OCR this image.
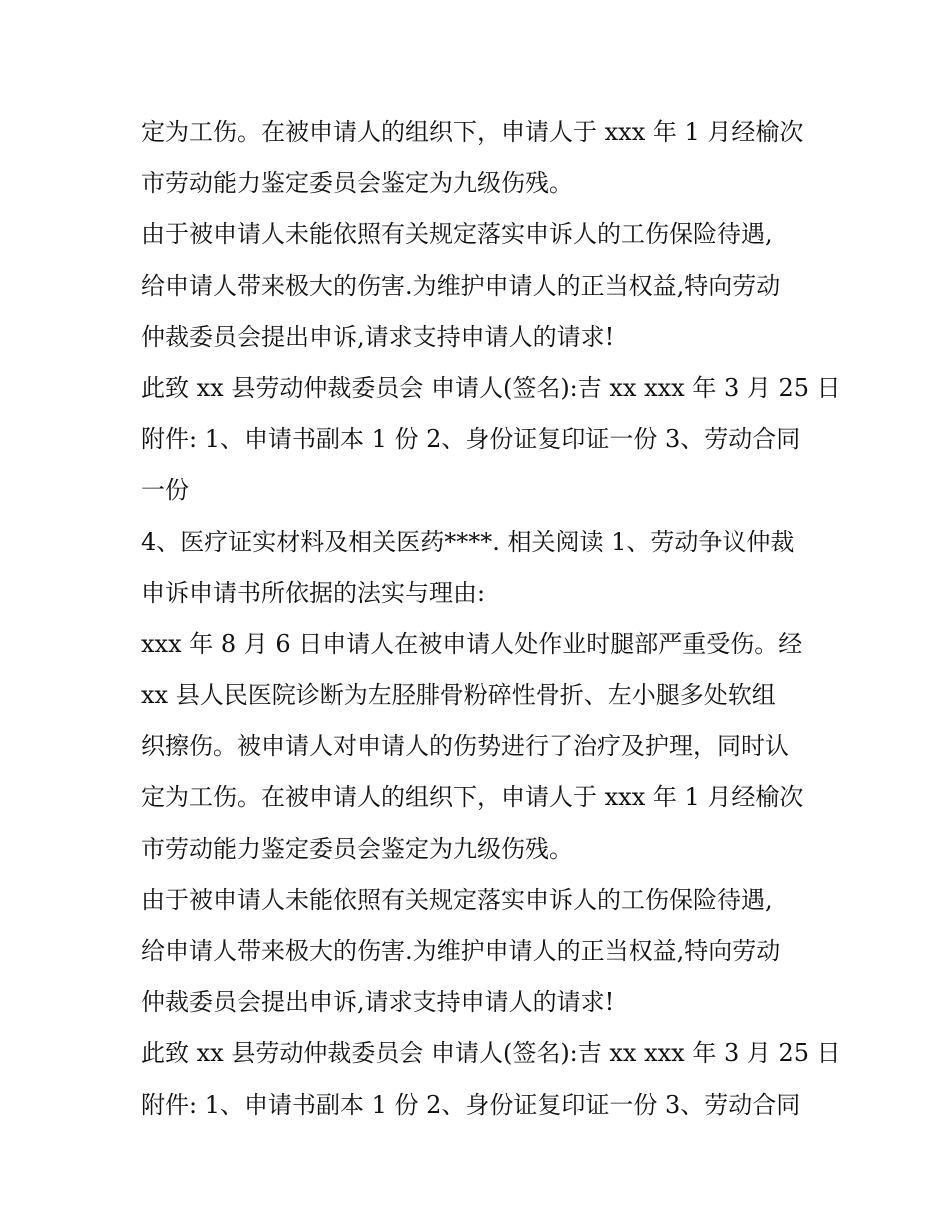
定为工伤。在被申请人的组织下，申请人于 xxx 年 1 月经榆次
市劳动能力鉴定委员会鉴定为九级伤残。
由于被申请人未能依照有关规定落实申诉人的工伤保险待遇,
给申请人带来极大的伤害.为维护申请人的正当权益,特向劳动
仲裁委员会提出申诉,请求支持申请人的请求!
此致 xx 县劳动仲裁委员会 申请人(签名):吉 xx xxx 年 3 月 25 日
附件: 1、申请书副本 1 份 2、身份证复印证一份 3、劳动合同
一份
4、医疗证实材料及相关医药****. 相关阅读 1、劳动争议仲裁
申诉申请书所依据的法实与理由:
xxx 年 8 月 6 日申请人在被申请人处作业时腿部严重受伤。经
xx 县人民医院诊断为左胫腓骨粉碎性骨折、左小腿多处软组
织擦伤。被申请人对申请人的伤势进行了治疗及护理，同时认
定为工伤。在被申请人的组织下，申请人于 xxx 年 1 月经榆次
市劳动能力鉴定委员会鉴定为九级伤残。
由于被申请人未能依照有关规定落实申诉人的工伤保险待遇,
给申请人带来极大的伤害.为维护申请人的正当权益,特向劳动
仲裁委员会提出申诉,请求支持申请人的请求!
此致 xx 县劳动仲裁委员会 申请人(签名):吉 xx xxx 年 3 月 25 日
附件: 1、申请书副本 1 份 2、身份证复印证一份 3、劳动合同
